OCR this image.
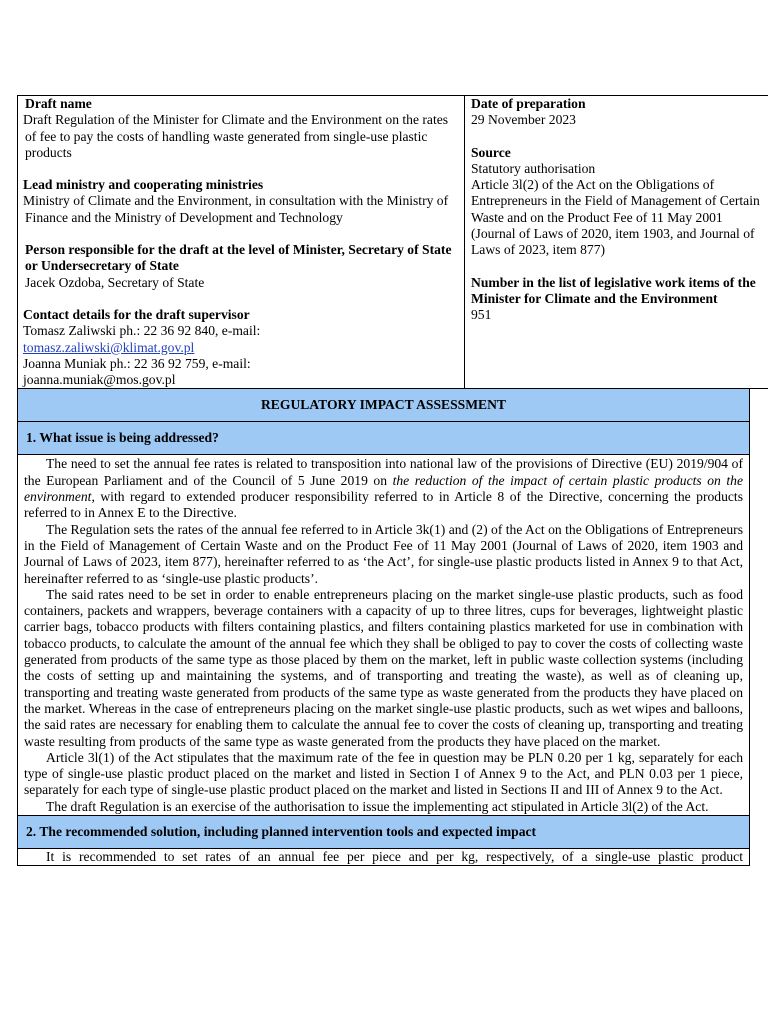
Draft name
Draft Regulation of the Minister for Climate and the Environment on the rates of fee to pay the costs of handling waste generated from single-use plastic products
Lead ministry and cooperating ministries
Ministry of Climate and the Environment, in consultation with the Ministry of Finance and the Ministry of Development and Technology
Person responsible for the draft at the level of Minister, Secretary of State or Undersecretary of State
Jacek Ozdoba, Secretary of State
Contact details for the draft supervisor
Tomasz Zaliwski ph.: 22 36 92 840, e-mail:
tomasz.zaliwski@klimat.gov.pl
Joanna Muniak ph.: 22 36 92 759, e-mail:
joanna.muniak@mos.gov.pl

Date of preparation
29 November 2023
Source
Statutory authorisation
Article 3l(2) of the Act on the Obligations of Entrepreneurs in the Field of Management of Certain Waste and on the Product Fee of 11 May 2001 (Journal of Laws of 2020, item 1903, and Journal of Laws of 2023, item 877)
Number in the list of legislative work items of the Minister for Climate and the Environment
951
REGULATORY IMPACT ASSESSMENT
1. What issue is being addressed?

The need to set the annual fee rates is related to transposition into national law of the provisions of Directive (EU) 2019/904 of the European Parliament and of the Council of 5 June 2019 on the reduction of the impact of certain plastic products on the environment, with regard to extended producer responsibility referred to in Article 8 of the Directive, concerning the products referred to in Annex E to the Directive.

The Regulation sets the rates of the annual fee referred to in Article 3k(1) and (2) of the Act on the Obligations of Entrepreneurs in the Field of Management of Certain Waste and on the Product Fee of 11 May 2001 (Journal of Laws of 2020, item 1903 and Journal of Laws of 2023, item 877), hereinafter referred to as ‘the Act’, for single-use plastic products listed in Annex 9 to that Act, hereinafter referred to as ‘single-use plastic products’.

The said rates need to be set in order to enable entrepreneurs placing on the market single-use plastic products, such as food containers, packets and wrappers, beverage containers with a capacity of up to three litres, cups for beverages, lightweight plastic carrier bags, tobacco products with filters containing plastics, and filters containing plastics marketed for use in combination with tobacco products, to calculate the amount of the annual fee which they shall be obliged to pay to cover the costs of collecting waste generated from products of the same type as those placed by them on the market, left in public waste collection systems (including the costs of setting up and maintaining the systems, and of transporting and treating the waste), as well as of cleaning up, transporting and treating waste generated from products of the same type as waste generated from the products they have placed on the market. Whereas in the case of entrepreneurs placing on the market single-use plastic products, such as wet wipes and balloons, the said rates are necessary for enabling them to calculate the annual fee to cover the costs of cleaning up, transporting and treating waste resulting from products of the same type as waste generated from the products they have placed on the market.

Article 3l(1) of the Act stipulates that the maximum rate of the fee in question may be PLN 0.20 per 1 kg, separately for each type of single-use plastic product placed on the market and listed in Section I of Annex 9 to the Act, and PLN 0.03 per 1 piece, separately for each type of single-use plastic product placed on the market and listed in Sections II and III of Annex 9 to the Act.

The draft Regulation is an exercise of the authorisation to issue the implementing act stipulated in Article 3l(2) of the Act.

2. The recommended solution, including planned intervention tools and expected impact

It is recommended to set rates of an annual fee per piece and per kg, respectively, of a single-use plastic product
